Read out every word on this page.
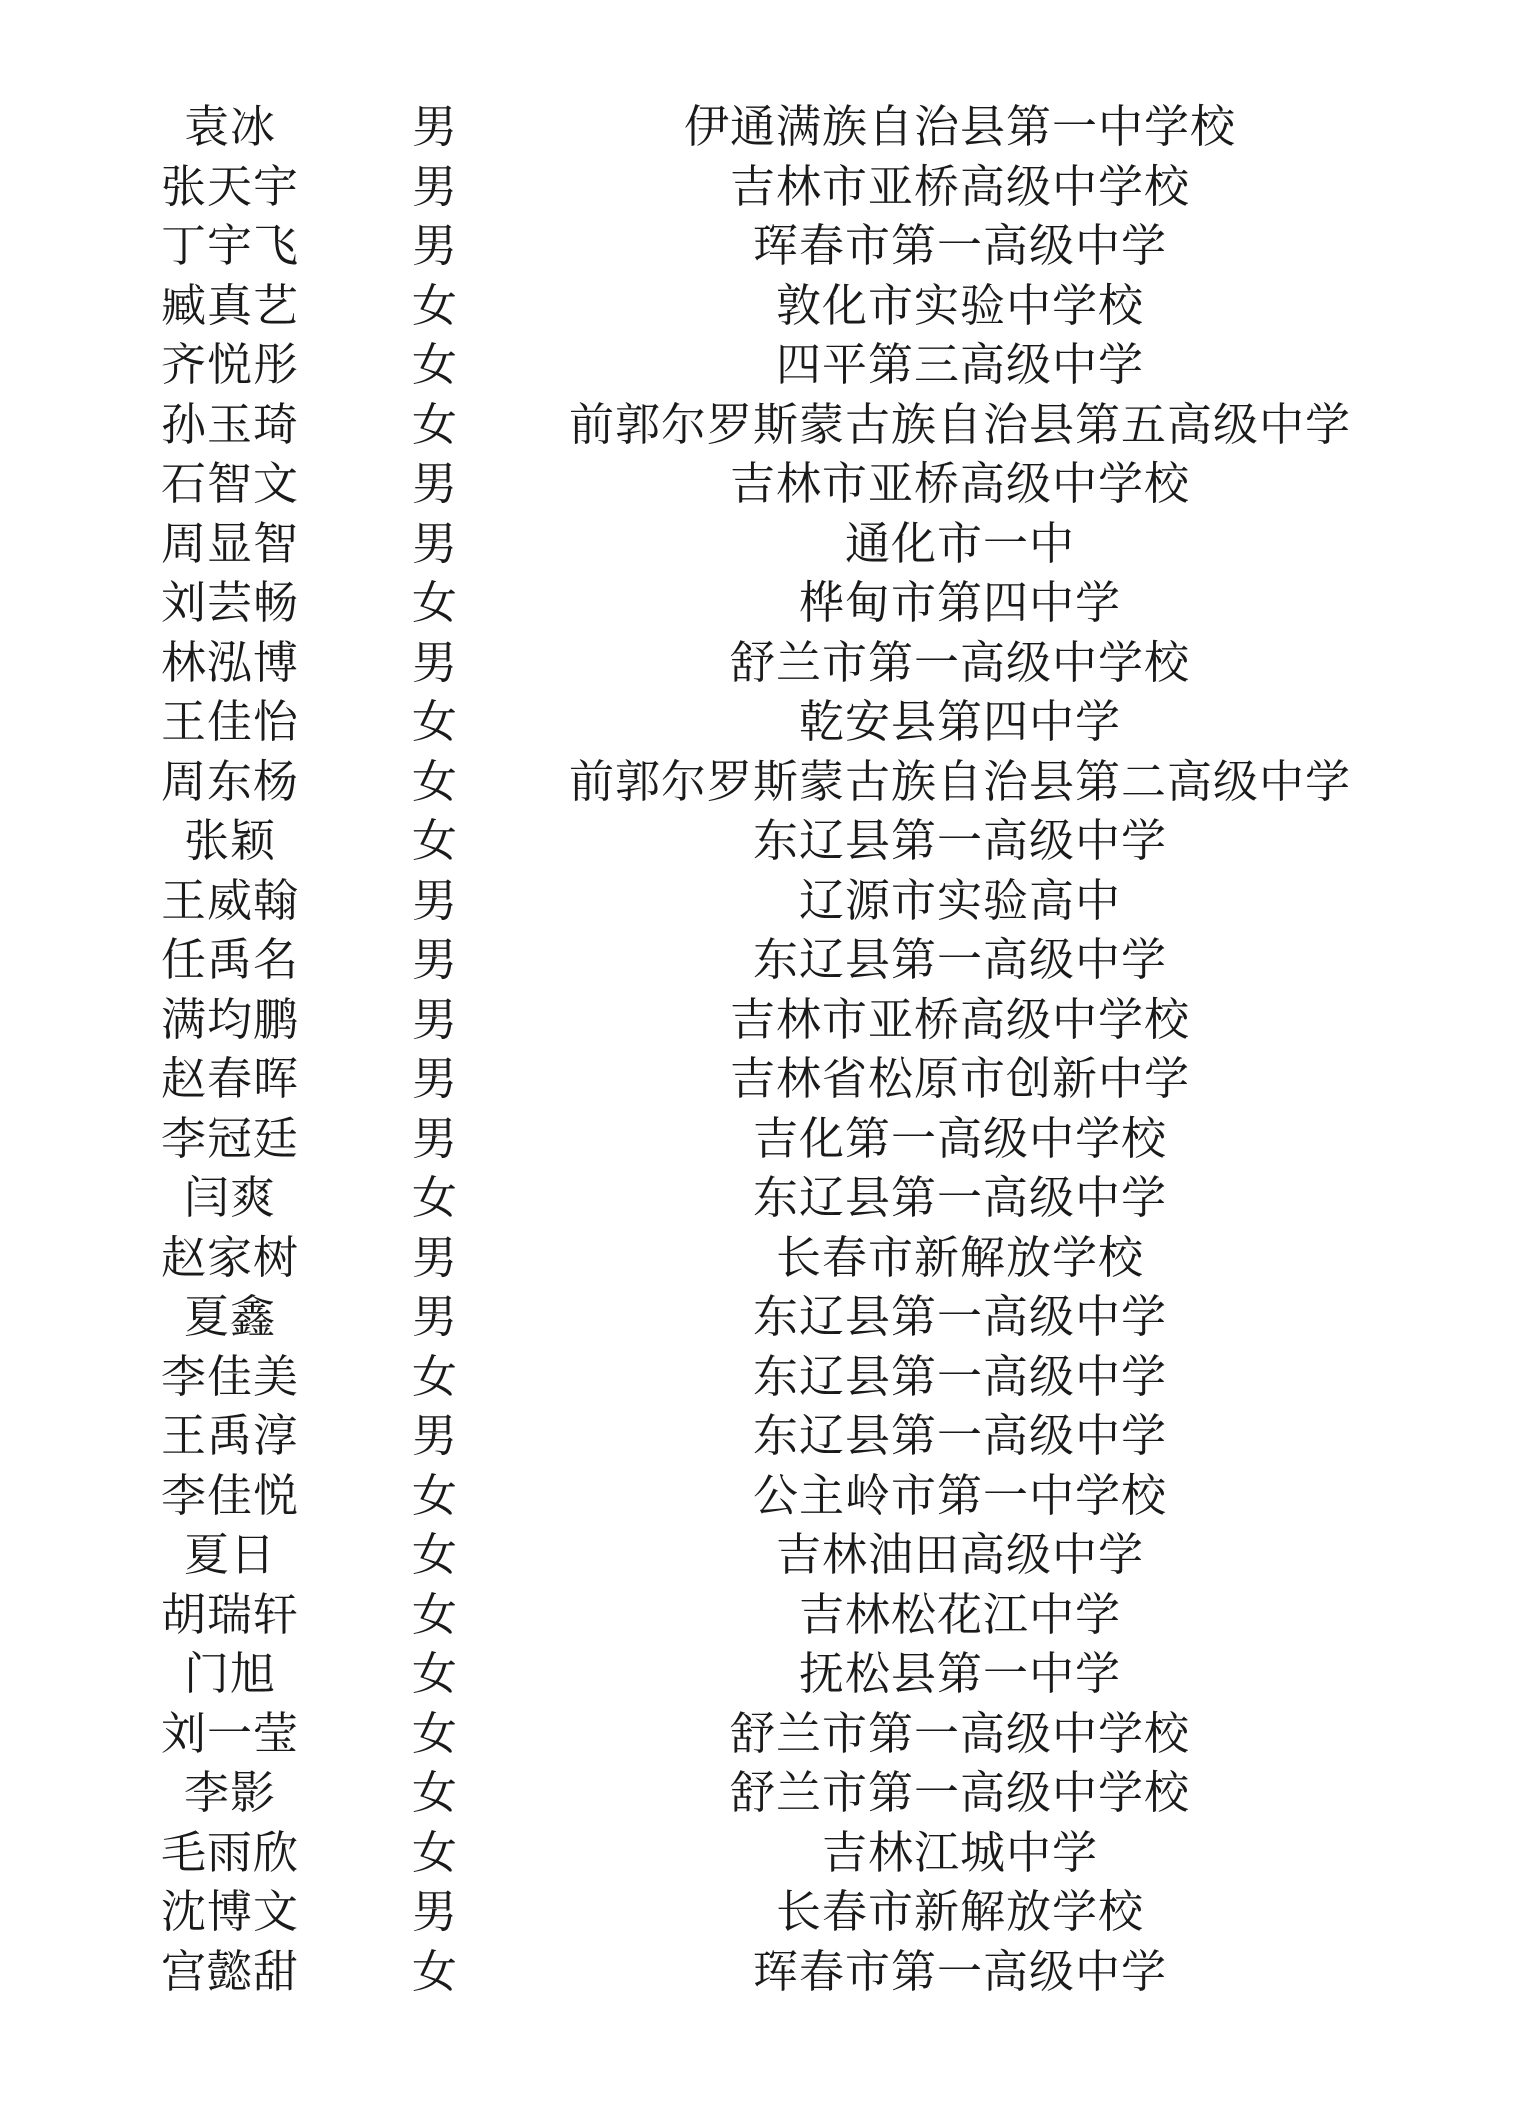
袁冰	男	伊通满族自治县第一中学校
张天宇	男	吉林市亚桥高级中学校
丁宇飞	男	珲春市第一高级中学
臧真艺	女	敦化市实验中学校
齐悦彤	女	四平第三高级中学
孙玉琦	女	前郭尔罗斯蒙古族自治县第五高级中学
石智文	男	吉林市亚桥高级中学校
周显智	男	通化市一中
刘芸畅	女	桦甸市第四中学
林泓博	男	舒兰市第一高级中学校
王佳怡	女	乾安县第四中学
周东杨	女	前郭尔罗斯蒙古族自治县第二高级中学
张颖	女	东辽县第一高级中学
王威翰	男	辽源市实验高中
任禹名	男	东辽县第一高级中学
满均鹏	男	吉林市亚桥高级中学校
赵春晖	男	吉林省松原市创新中学
李冠廷	男	吉化第一高级中学校
闫爽	女	东辽县第一高级中学
赵家树	男	长春市新解放学校
夏鑫	男	东辽县第一高级中学
李佳美	女	东辽县第一高级中学
王禹淳	男	东辽县第一高级中学
李佳悦	女	公主岭市第一中学校
夏日	女	吉林油田高级中学
胡瑞轩	女	吉林松花江中学
门旭	女	抚松县第一中学
刘一莹	女	舒兰市第一高级中学校
李影	女	舒兰市第一高级中学校
毛雨欣	女	吉林江城中学
沈博文	男	长春市新解放学校
宫懿甜	女	珲春市第一高级中学
